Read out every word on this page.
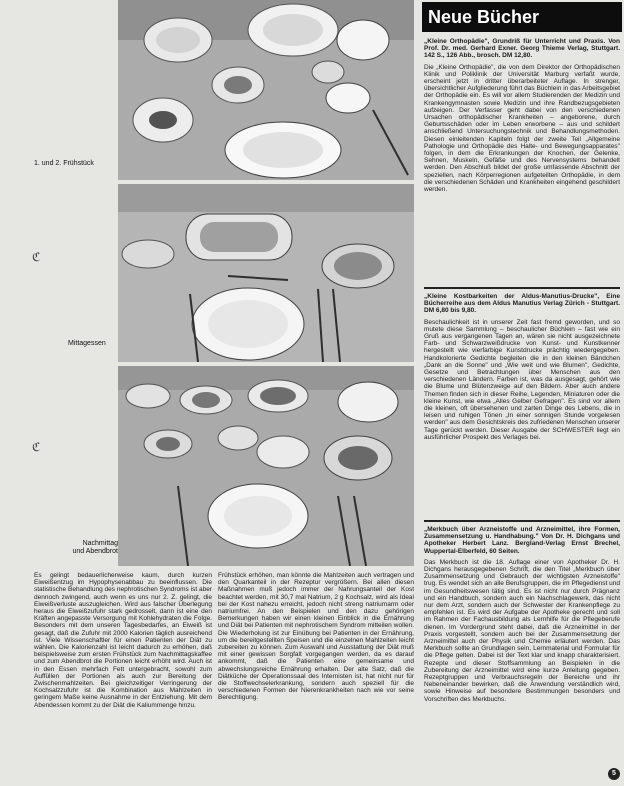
1. und 2. Frühstück
Mittagessen
Nachmittag
und Abendbrot
ℭ
ℭ
Neue Bücher
„Kleine Orthopädie", Grundriß für Unterricht und Praxis. Von Prof. Dr. med. Gerhard Exner. Georg Thieme Verlag, Stuttgart. 142 S., 126 Abb., brosch. DM 12,80.
Die „Kleine Orthopädie", die von dem Direktor der Orthopädischen Klinik und Poliklinik der Universität Marburg verfaßt wurde, erscheint jetzt in dritter überarbeiteter Auflage. In strenger, übersichtlicher Aufgliederung führt das Büchlein in das Arbeitsgebiet der Orthopädie ein. Es will vor allem Studierenden der Medizin und Krankengymnasten sowie Medizin und ihre Randbezugsgebieten aufzeigen. Der Verfasser geht dabei von den verschiedenen Ursachen orthopädischer Krankheiten – angeborene, durch Geburtsschäden oder im Leben erworbene – aus und schildert anschließend Untersuchungstechnik und Behandlungsmethoden. Diesen einleitenden Kapiteln folgt der zweite Teil „Allgemeine Pathologie und Orthopädie des Halte- und Bewegungsapparates" folgen, in dem die Erkrankungen der Knochen, der Gelenke, Sehnen, Muskeln, Gefäße und des Nervensystems behandelt werden. Den Abschluß bildet der große umfassende Abschnitt der speziellen, nach Körperregionen aufgeteilten Orthopädie, in dem die verschiedenen Schäden und Krankheiten eingehend geschildert werden.
„Kleine Kostbarkeiten der Aldus-Manutius-Drucke", Eine Bücherreihe aus dem Aldus Manutius Verlag Zürich - Stuttgart. DM 6,80 bis 9,80.
Beschaulichkeit ist in unserer Zeit fast fremd geworden, und so mutete diese Sammlung – beschaulicher Büchlein – fast wie ein Gruß aus vergangenen Tagen an, wären sie nicht ausgezeichnete Farb- und Schwarzweißdrucke von Kunst- und Kunstkenner hergestellt wie vierfarbige Kunstdrucke prächtig wiedergegeben. Handkolorierte Gedichte begleiten die in den kleinen Bändchen „Dank an die Sonne" und „Wie weit und wie Blumen", Gedichte, Gesetze und Betrachtungen über Menschen aus den verschiedenen Ländern. Farben ist, was da ausgesagt, gehört wie die Blume und Blütenzweige auf den Bildern. Aber auch andere Themen finden sich in dieser Reihe, Legenden, Miniaturen oder die kleine Kunst, wie etwa „Alles Gelber Gefragen". Es sind vor allem die kleinen, oft übersehenen und zarten Dinge des Lebens, die in leisen und ruhigen Tönen „In einer sonnigen Stunde vorgelesen werden" aus dem Gesichtskreis des zufriedenen Menschen unserer Tage gerückt werden. Dieser Ausgabe der SCHWESTER liegt ein ausführlicher Prospekt des Verlages bei.
„Merkbuch über Arzneistoffe und Arzneimittel, ihre Formen, Zusammensetzung u. Handhabung." Von Dr. H. Dichgans und Apotheker Herbert Lanz. Bergland-Verlag Ernst Brechel, Wuppertal-Elberfeld, 60 Seiten.
Das Merkbuch ist die 18. Auflage einer von Apotheker Dr. H. Dichgans herausgegebenen Schrift, die den Titel „Merkbuch über Zusammensetzung und Gebrauch der wichtigsten Arzneistoffe" trug. Es wendet sich an alle Berufsgruppen, die im Pflegedienst und im Gesundheitswesen tätig sind. Es ist nicht nur durch Prägnanz und ein Handbuch, sondern auch ein Nachschlagewerk, das nicht nur dem Arzt, sondern auch der Schwester der Krankenpflege zu empfehlen ist. Es wird der Aufgabe der Apotheke gerecht und soll im Rahmen der Fachausbildung als Lernhilfe für die Pflegeberufe dienen. Im Vordergrund steht dabei, daß die Arzneimittel in der Praxis vorgestellt, sondern auch bei der Zusammensetzung der Arzneimittel auch der Physik und Chemie erläutert werden. Das Merkbuch sollte an Grundlagen sein, Lernmaterial und Formular für die Pflege gelten. Dabei ist der Text klar und knapp charakterisiert. Rezepte und dieser Stoffsammlung an Beispielen in die Zubereitung der Arzneimittel wird eine kurze Anleitung gegeben. Rezeptgruppen und Verbrauchsregeln der Bereiche und ihr Nebeneinander bewirken, daß die Anwendung verständlich wird, sowie Hinweise auf besondere Bestimmungen besonders und Vorschriften des Merkbuchs.
Es gelingt bedauerlicherweise kaum, durch kurzen Eiweißentzug im Hypophysenabbau zu beeinflussen. Die statistische Behandlung des nephrotischen Syndroms ist aber dennoch zwingend, auch wenn es uns nur 2. Z. gelingt, die Eiweißverluste auszugleichen. Wird aus falscher Überlegung heraus die Eiweißzufuhr stark gedrosselt, dann ist eine den Kräften angepasste Versorgung mit Kohlehydraten die Folge. Besonders mit dem unseren Tagesbedarfes, an Eiweiß ist gesagt, daß die Zufuhr mit 2000 Kalorien täglich ausreichend ist. Viele Wissenschaftler für einen Patienten der Diät zu wählen. Die Kalorienzahl ist leicht dadurch zu erhöhen, daß beispielsweise zum ersten Frühstück zum Nachmittagskaffee und zum Abendbrot die Portionen leicht erhöht wird. Auch ist in den Essen mehrfach Fett untergebracht, sowohl zum Auffüllen der Portionen als auch zur Bereitung der Zwischenmahlzeiten. Bei gleichzeitiger Verringerung der Kochsalzzufuhr ist die Kombination aus Mahlzeiten in geringem Maße keine Ausnahme in der Entziehung. Mit dem Abendessen kommt zu der Diät die Kaliummenge hinzu.
Frühstück erhöhen, man könnte die Mahlzeiten auch vertragen und den Quarkanteil in der Rezeptur vergrößern. Bei allen diesen Maßnahmen muß jedoch immer der Nahrungsanteil der Kost beachtet werden, mit 30,7 mal Natrium, 2 g Kochsalz, wird als Ideal bei der Kost nahezu erreicht, jedoch nicht streng natriumarm oder natriumfrei. An den Beispielen und den dazu gehörigen Bemerkungen haben wir einen kleinen Einblick in die Ernährung und Diät bei Patienten mit nephrotischem Syndrom mitteilen wollen. Die Wiederholung ist zur Einübung bei Patienten in der Ernährung, um die bereitgestellten Speisen und die einzelnen Mahlzeiten leicht zubereiten zu können. Zum Auswahl und Ausstattung der Diät muß mit einer gewissen Sorgfalt vorgegangen werden, da es darauf ankommt, daß die Patienten eine gemeinsame und abwechslungsreiche Ernährung erhalten. Der alte Satz, daß die Diätküche der Operationssaal des Internisten ist, hat nicht nur für die Stoffwechselerkrankung, sondern auch speziell für die verschiedenen Formen der Nierenkrankheiten nach wie vor seine Berechtigung.
5
